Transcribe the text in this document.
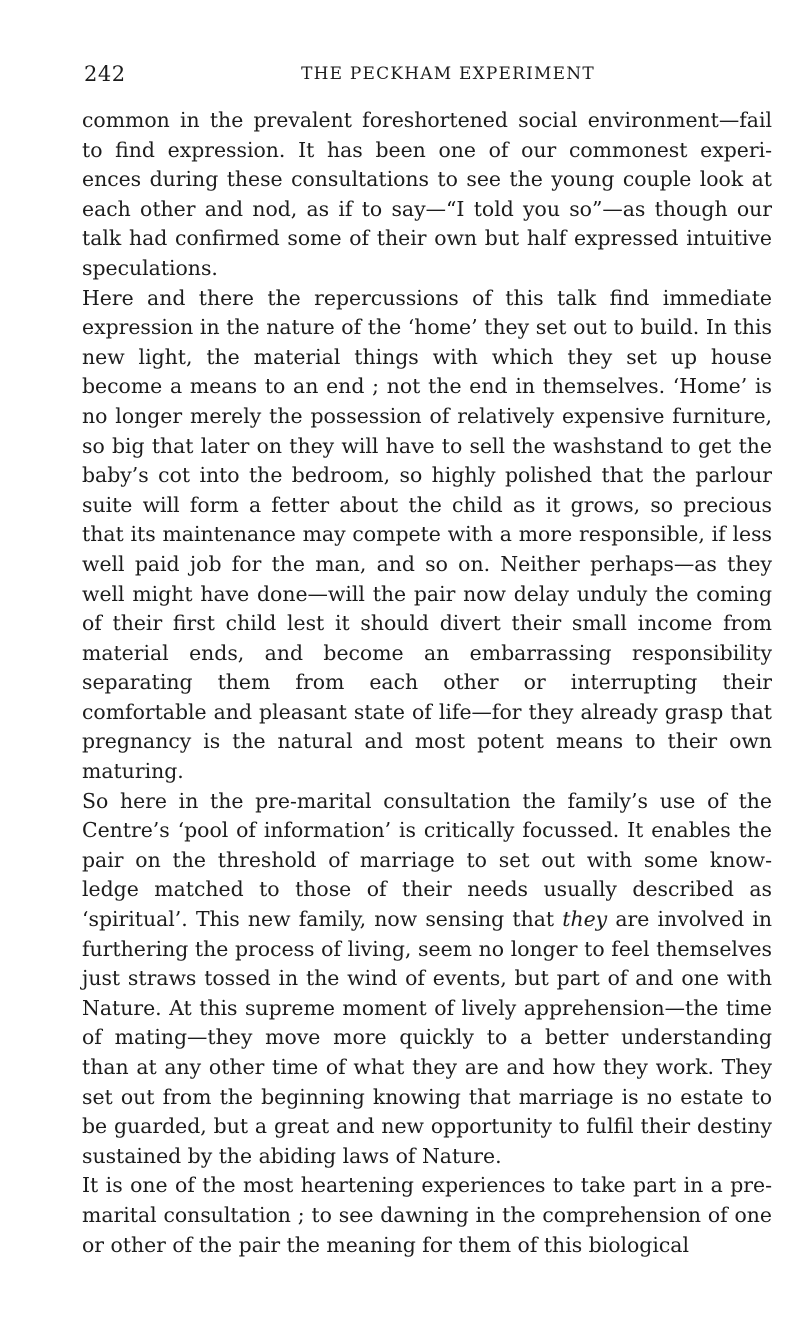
242	THE PECKHAM EXPERIMENT

common in the prevalent foreshortened social environment—fail to find expression. It has been one of our commonest experi- ences during these consultations to see the young couple look at each other and nod, as if to say—“I told you so”—as though our talk had confirmed some of their own but half expressed intuitive speculations.

Here and there the repercussions of this talk find immediate expression in the nature of the ‘home’ they set out to build. In this new light, the material things with which they set up house become a means to an end ; not the end in themselves. ‘Home’ is no longer merely the possession of relatively expensive furniture, so big that later on they will have to sell the washstand to get the baby’s cot into the bedroom, so highly polished that the parlour suite will form a fetter about the child as it grows, so precious that its maintenance may compete with a more responsible, if less well paid job for the man, and so on. Neither perhaps—as they well might have done—will the pair now delay unduly the coming of their first child lest it should divert their small income from material ends, and become an embarrassing responsibility separating them from each other or interrupting their comfortable and pleasant state of life—for they already grasp that pregnancy is the natural and most potent means to their own maturing.

So here in the pre-marital consultation the family’s use of the Centre’s ‘pool of information’ is critically focussed. It enables the pair on the threshold of marriage to set out with some know- ledge matched to those of their needs usually described as ‘spiritual’. This new family, now sensing that they are involved in furthering the process of living, seem no longer to feel themselves just straws tossed in the wind of events, but part of and one with Nature. At this supreme moment of lively apprehension—the time of mating—they move more quickly to a better understanding than at any other time of what they are and how they work. They set out from the beginning knowing that marriage is no estate to be guarded, but a great and new opportunity to fulfil their destiny sustained by the abiding laws of Nature.

It is one of the most heartening experiences to take part in a pre-marital consultation ; to see dawning in the comprehension of one or other of the pair the meaning for them of this biological
